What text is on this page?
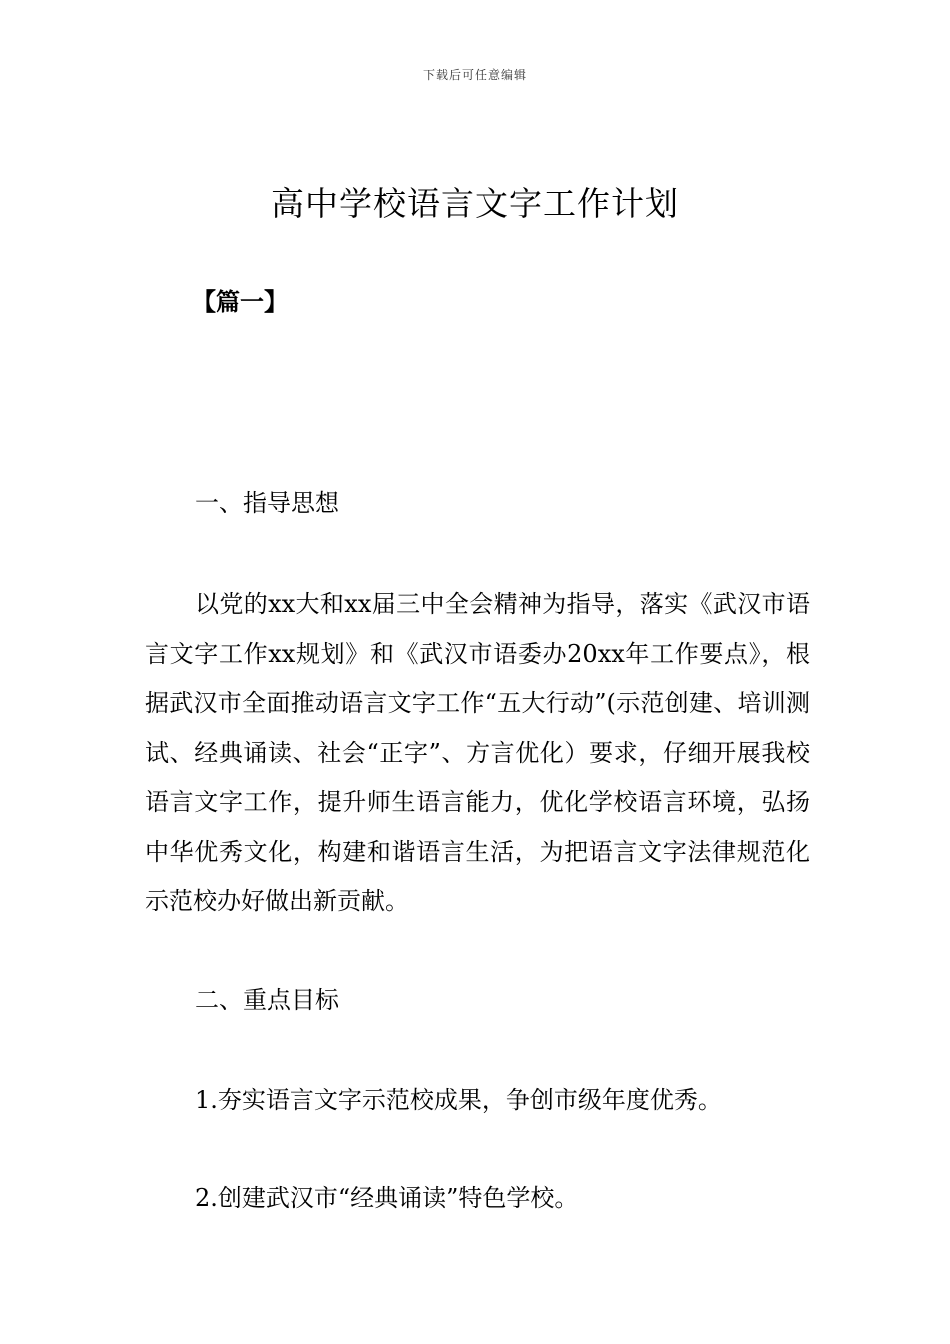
下载后可任意编辑
高中学校语言文字工作计划
【篇一】
一、指导思想
以党的xx大和xx届三中全会精神为指导，落实《武汉市语言文字工作xx规划》和《武汉市语委办20xx年工作要点》，根据武汉市全面推动语言文字工作“五大行动”(示范创建、培训测试、经典诵读、社会“正字”、方言优化）要求，仔细开展我校语言文字工作，提升师生语言能力，优化学校语言环境，弘扬中华优秀文化，构建和谐语言生活，为把语言文字法律规范化示范校办好做出新贡献。
二、重点目标
1.夯实语言文字示范校成果，争创市级年度优秀。
2.创建武汉市“经典诵读”特色学校。
